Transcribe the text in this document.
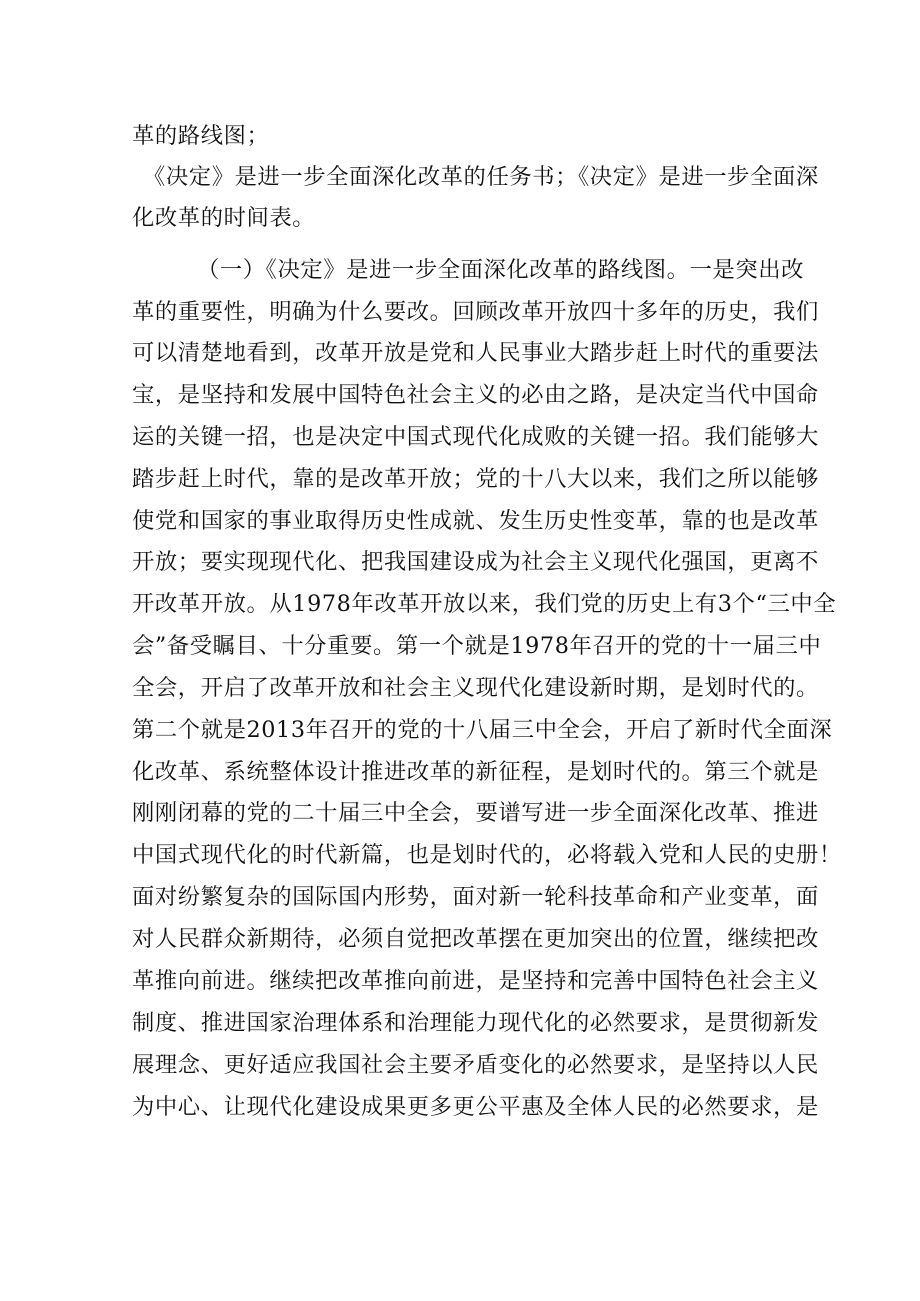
革的路线图；
《决定》是进一步全面深化改革的任务书；《决定》是进一步全面深
化改革的时间表。
（一）《决定》是进一步全面深化改革的路线图。一是突出改
革的重要性，明确为什么要改。回顾改革开放四十多年的历史，我们
可以清楚地看到，改革开放是党和人民事业大踏步赶上时代的重要法
宝，是坚持和发展中国特色社会主义的必由之路，是决定当代中国命
运的关键一招，也是决定中国式现代化成败的关键一招。我们能够大
踏步赶上时代，靠的是改革开放；党的十八大以来，我们之所以能够
使党和国家的事业取得历史性成就、发生历史性变革，靠的也是改革
开放；要实现现代化、把我国建设成为社会主义现代化强国，更离不
开改革开放。从1978年改革开放以来，我们党的历史上有3个“三中全
会”备受瞩目、十分重要。第一个就是1978年召开的党的十一届三中
全会，开启了改革开放和社会主义现代化建设新时期，是划时代的。
第二个就是2013年召开的党的十八届三中全会，开启了新时代全面深
化改革、系统整体设计推进改革的新征程，是划时代的。第三个就是
刚刚闭幕的党的二十届三中全会，要谱写进一步全面深化改革、推进
中国式现代化的时代新篇，也是划时代的，必将载入党和人民的史册！
面对纷繁复杂的国际国内形势，面对新一轮科技革命和产业变革，面
对人民群众新期待，必须自觉把改革摆在更加突出的位置，继续把改
革推向前进。继续把改革推向前进，是坚持和完善中国特色社会主义
制度、推进国家治理体系和治理能力现代化的必然要求，是贯彻新发
展理念、更好适应我国社会主要矛盾变化的必然要求，是坚持以人民
为中心、让现代化建设成果更多更公平惠及全体人民的必然要求，是
